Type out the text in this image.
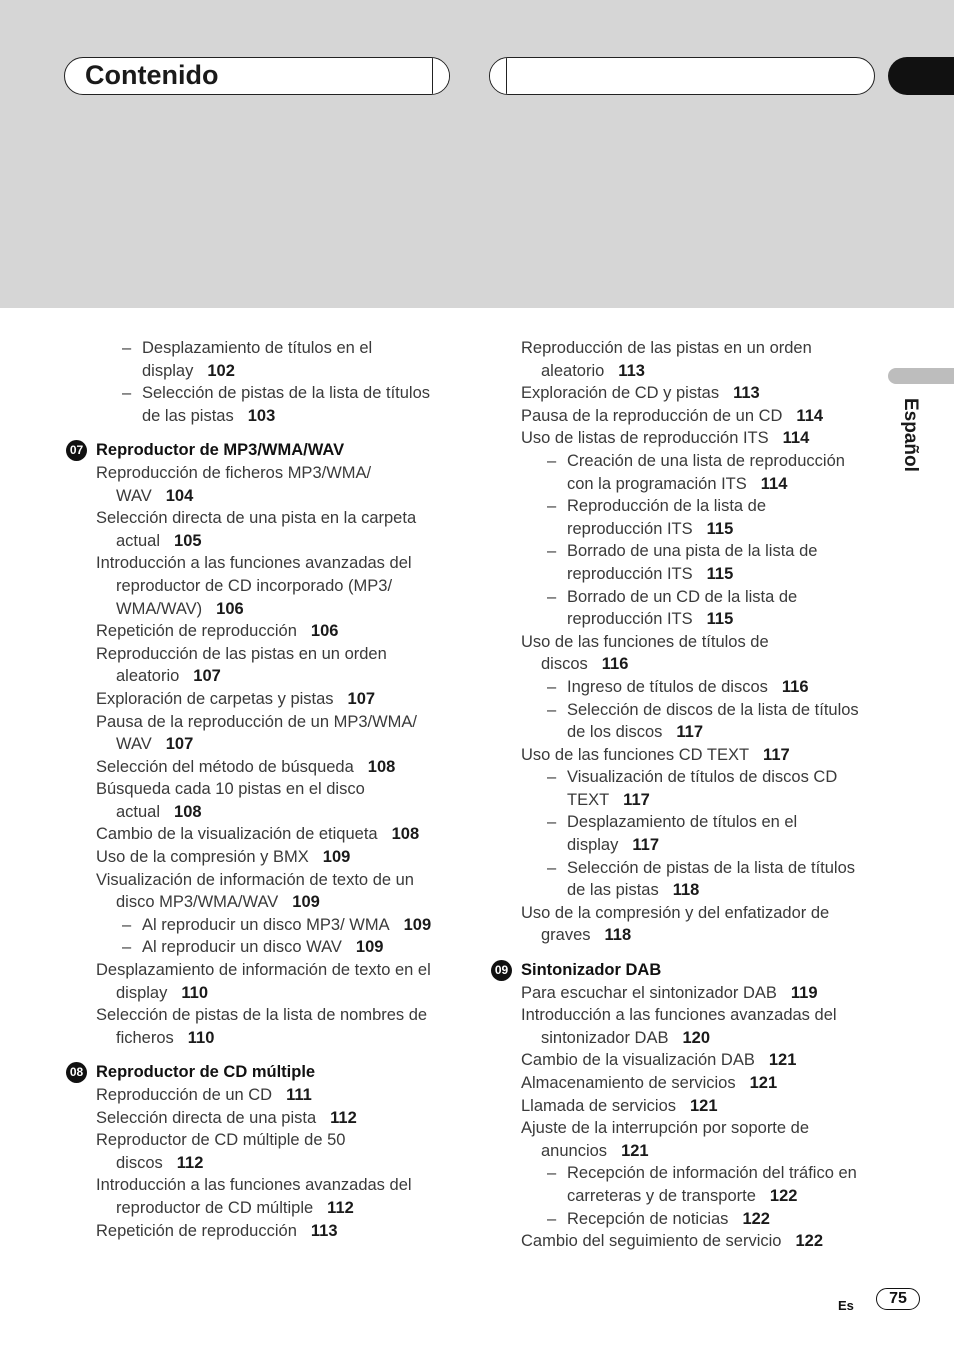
Contenido
Español
– Desplazamiento de títulos en el display 102
– Selección de pistas de la lista de títulos de las pistas 103
07 Reproductor de MP3/WMA/WAV
Reproducción de ficheros MP3/WMA/ WAV 104
Selección directa de una pista en la carpeta actual 105
Introducción a las funciones avanzadas del reproductor de CD incorporado (MP3/ WMA/WAV) 106
Repetición de reproducción 106
Reproducción de las pistas en un orden aleatorio 107
Exploración de carpetas y pistas 107
Pausa de la reproducción de un MP3/WMA/ WAV 107
Selección del método de búsqueda 108
Búsqueda cada 10 pistas en el disco actual 108
Cambio de la visualización de etiqueta 108
Uso de la compresión y BMX 109
Visualización de información de texto de un disco MP3/WMA/WAV 109
– Al reproducir un disco MP3/ WMA 109
– Al reproducir un disco WAV 109
Desplazamiento de información de texto en el display 110
Selección de pistas de la lista de nombres de ficheros 110
08 Reproductor de CD múltiple
Reproducción de un CD 111
Selección directa de una pista 112
Reproductor de CD múltiple de 50 discos 112
Introducción a las funciones avanzadas del reproductor de CD múltiple 112
Repetición de reproducción 113
Reproducción de las pistas en un orden aleatorio 113
Exploración de CD y pistas 113
Pausa de la reproducción de un CD 114
Uso de listas de reproducción ITS 114
– Creación de una lista de reproducción con la programación ITS 114
– Reproducción de la lista de reproducción ITS 115
– Borrado de una pista de la lista de reproducción ITS 115
– Borrado de un CD de la lista de reproducción ITS 115
Uso de las funciones de títulos de discos 116
– Ingreso de títulos de discos 116
– Selección de discos de la lista de títulos de los discos 117
Uso de las funciones CD TEXT 117
– Visualización de títulos de discos CD TEXT 117
– Desplazamiento de títulos en el display 117
– Selección de pistas de la lista de títulos de las pistas 118
Uso de la compresión y del enfatizador de graves 118
09 Sintonizador DAB
Para escuchar el sintonizador DAB 119
Introducción a las funciones avanzadas del sintonizador DAB 120
Cambio de la visualización DAB 121
Almacenamiento de servicios 121
Llamada de servicios 121
Ajuste de la interrupción por soporte de anuncios 121
– Recepción de información del tráfico en carreteras y de transporte 122
– Recepción de noticias 122
Cambio del seguimiento de servicio 122
Es	75
